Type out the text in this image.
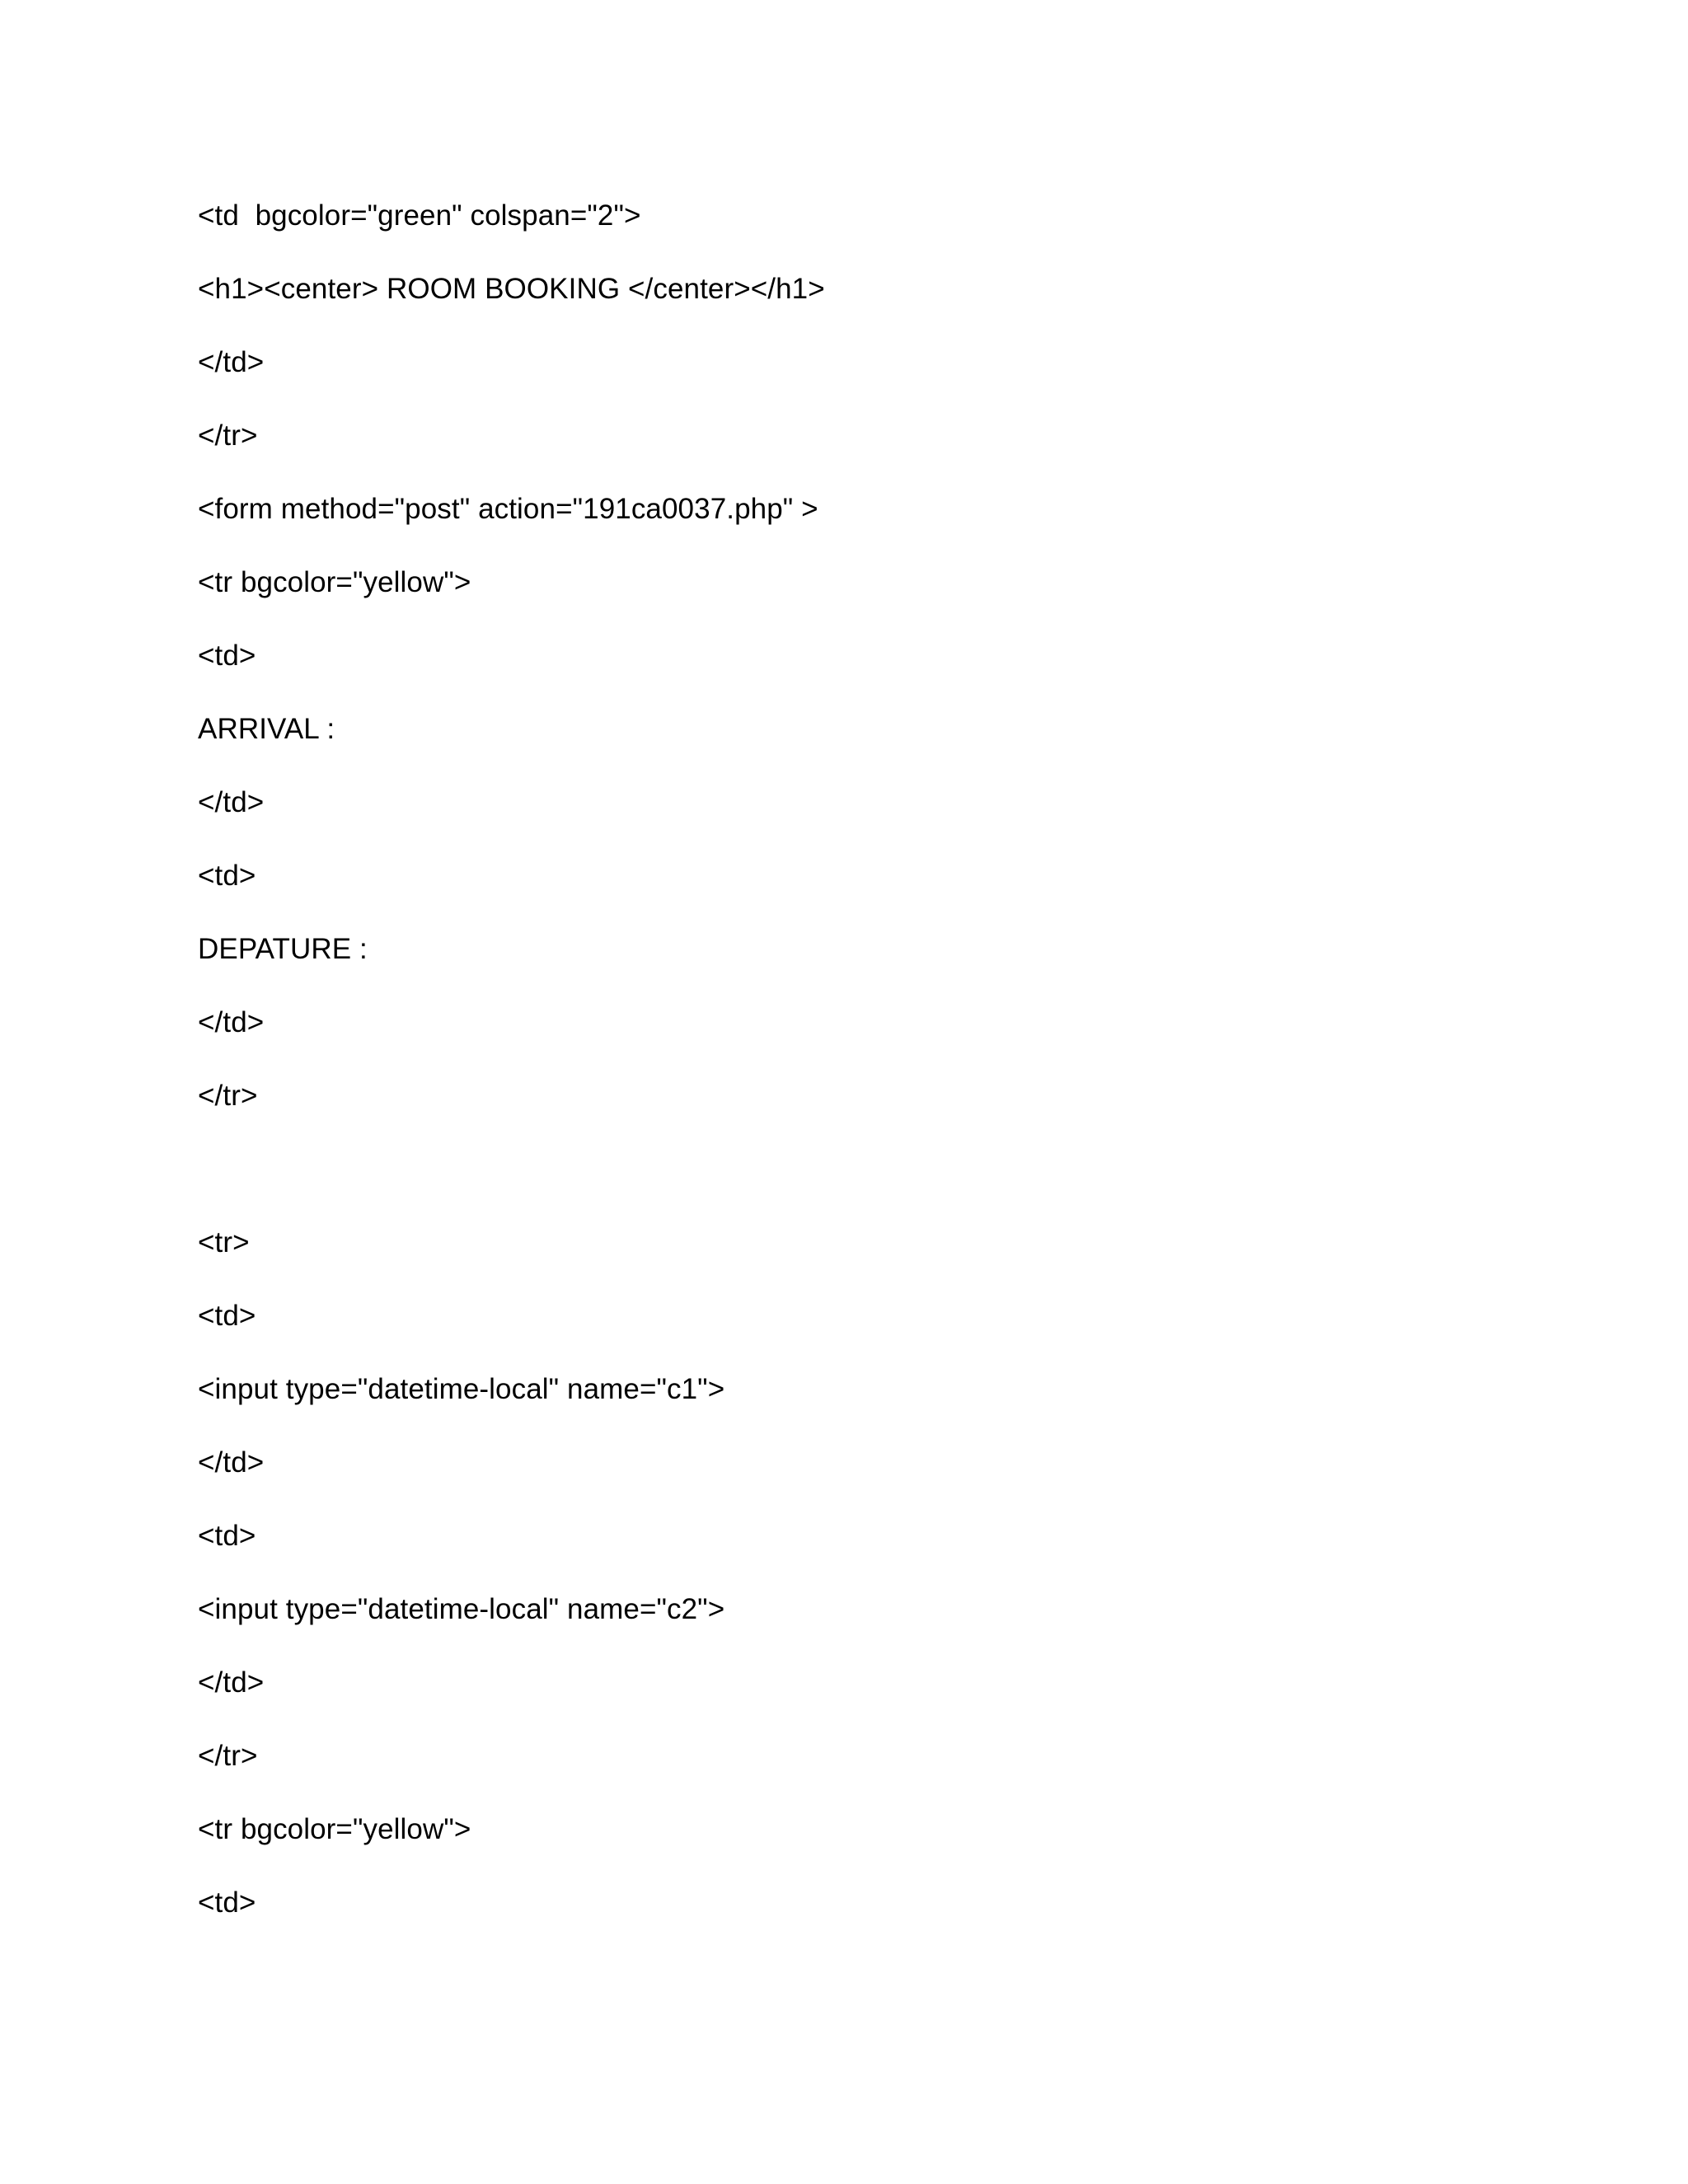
<td  bgcolor="green" colspan="2">
<h1><center> ROOM BOOKING </center></h1>
</td>
</tr>
<form method="post" action="191ca0037.php" >
<tr bgcolor="yellow">
<td>
ARRIVAL :
</td>
<td>
DEPATURE :
</td>
</tr>
<tr>
<td>
<input type="datetime-local" name="c1">
</td>
<td>
<input type="datetime-local" name="c2">
</td>
</tr>
<tr bgcolor="yellow">
<td>
